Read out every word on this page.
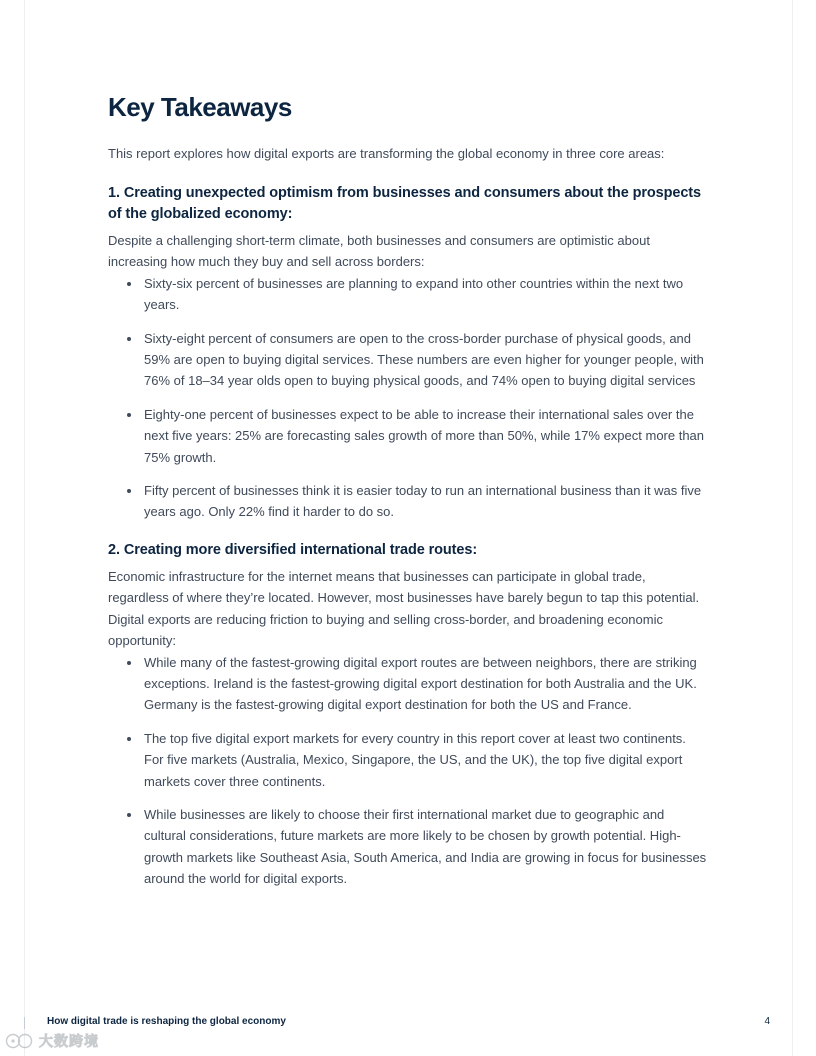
Key Takeaways

This report explores how digital exports are transforming the global economy in three core areas:

1. Creating unexpected optimism from businesses and consumers about the prospects of the globalized economy:

Despite a challenging short-term climate, both businesses and consumers are optimistic about increasing how much they buy and sell across borders:

Sixty-six percent of businesses are planning to expand into other countries within the next two years.
Sixty-eight percent of consumers are open to the cross-border purchase of physical goods, and 59% are open to buying digital services. These numbers are even higher for younger people, with 76% of 18–34 year olds open to buying physical goods, and 74% open to buying digital services
Eighty-one percent of businesses expect to be able to increase their international sales over the next five years: 25% are forecasting sales growth of more than 50%, while 17% expect more than 75% growth.
Fifty percent of businesses think it is easier today to run an international business than it was five years ago. Only 22% find it harder to do so.
2. Creating more diversified international trade routes:

Economic infrastructure for the internet means that businesses can participate in global trade, regardless of where they’re located. However, most businesses have barely begun to tap this potential. Digital exports are reducing friction to buying and selling cross-border, and broadening economic opportunity:

While many of the fastest-growing digital export routes are between neighbors, there are striking exceptions. Ireland is the fastest-growing digital export destination for both Australia and the UK. Germany is the fastest-growing digital export destination for both the US and France.
The top five digital export markets for every country in this report cover at least two continents. For five markets (Australia, Mexico, Singapore, the US, and the UK), the top five digital export markets cover three continents.
While businesses are likely to choose their first international market due to geographic and cultural considerations, future markets are more likely to be chosen by growth potential. High-growth markets like Southeast Asia, South America, and India are growing in focus for businesses around the world for digital exports.
How digital trade is reshaping the global economy	4
大数跨境
